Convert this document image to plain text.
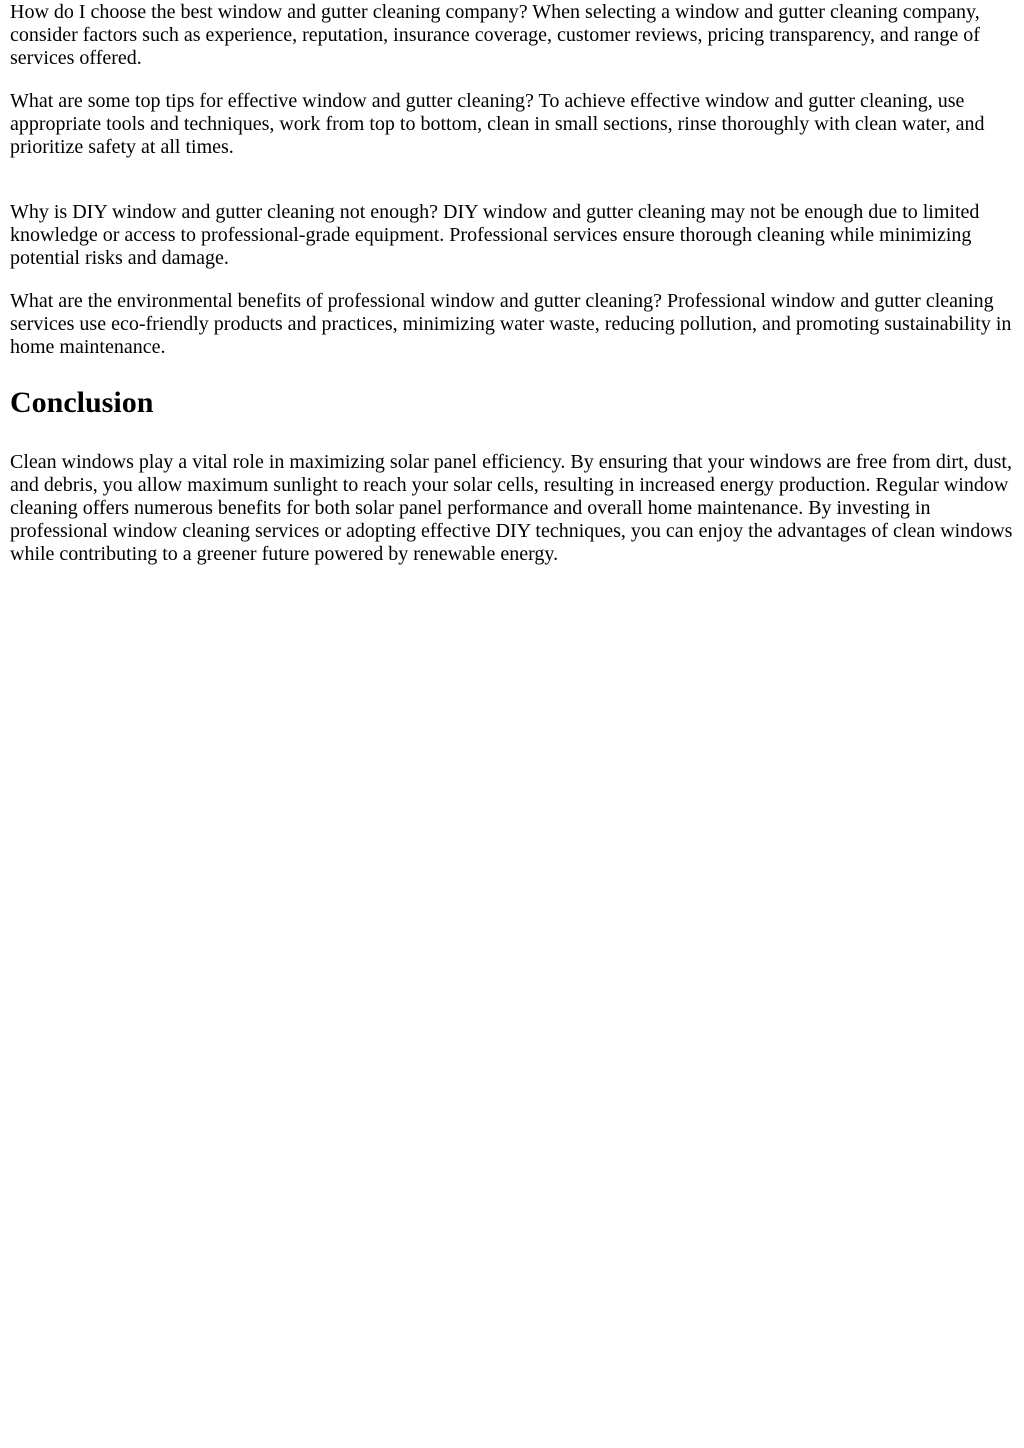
How do I choose the best window and gutter cleaning company? When selecting a window and gutter cleaning company, consider factors such as experience, reputation, insurance coverage, customer reviews, pricing transparency, and range of services offered.

What are some top tips for effective window and gutter cleaning? To achieve effective window and gutter cleaning, use appropriate tools and techniques, work from top to bottom, clean in small sections, rinse thoroughly with clean water, and prioritize safety at all times.

Why is DIY window and gutter cleaning not enough? DIY window and gutter cleaning may not be enough due to limited knowledge or access to professional-grade equipment. Professional services ensure thorough cleaning while minimizing potential risks and damage.

What are the environmental benefits of professional window and gutter cleaning? Professional window and gutter cleaning services use eco-friendly products and practices, minimizing water waste, reducing pollution, and promoting sustainability in home maintenance.

Conclusion

Clean windows play a vital role in maximizing solar panel efficiency. By ensuring that your windows are free from dirt, dust, and debris, you allow maximum sunlight to reach your solar cells, resulting in increased energy production. Regular window cleaning offers numerous benefits for both solar panel performance and overall home maintenance. By investing in professional window cleaning services or adopting effective DIY techniques, you can enjoy the advantages of clean windows while contributing to a greener future powered by renewable energy.
